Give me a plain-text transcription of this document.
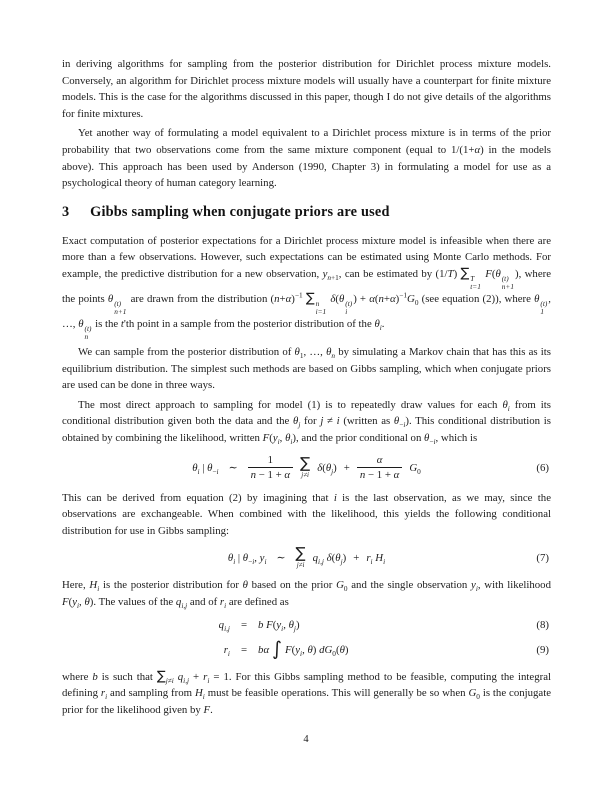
in deriving algorithms for sampling from the posterior distribution for Dirichlet process mixture models. Conversely, an algorithm for Dirichlet process mixture models will usually have a counterpart for finite mixture models. This is the case for the algorithms discussed in this paper, though I do not give details of the algorithms for finite mixtures.

Yet another way of formulating a model equivalent to a Dirichlet process mixture is in terms of the prior probability that two observations come from the same mixture component (equal to 1/(1+α) in the models above). This approach has been used by Anderson (1990, Chapter 3) in formulating a model for use as a psychological theory of human category learning.

3 Gibbs sampling when conjugate priors are used

Exact computation of posterior expectations for a Dirichlet process mixture model is infeasible when there are more than a few observations. However, such expectations can be estimated using Monte Carlo methods. For example, the predictive distribution for a new observation, $y_{n+1}$, can be estimated by (1/T) ∑ T
t=1
F(θ (t)
n+1
), where the points θ (t)
n+1
are drawn from the distribution $(n+\alpha)^{-1}$ ∑ n
i=1
δ(θ (t)
i
) + $\alpha(n+\alpha)^{-1}G_0$ (see equation (2)), where θ (t)
1
, …, θ (t)
n
is the t'th point in a sample from the posterior distribution of the $\theta_i$.

We can sample from the posterior distribution of $\theta_1$, …, $\theta_n$ by simulating a Markov chain that has this as its equilibrium distribution. The simplest such methods are based on Gibbs sampling, which when conjugate priors are used can be done in three ways.

The most direct approach to sampling for model (1) is to repeatedly draw values for each $\theta_i$ from its conditional distribution given both the data and the $\theta_j$ for j ≠ i (written as $\theta_{-i}$). This conditional distribution is obtained by combining the likelihood, written $F(y_i$, $\theta_i$), and the prior conditional on $\theta_{-i}$, which is

$\theta_i$ | $\theta_{-i}$ ∼ $\frac{1}{n - 1 + \alpha}$ ∑
j≠i
$\delta(\theta_j) + \frac{\alpha}{n - 1 + \alpha} G_0$	(6)

This can be derived from equation (2) by imagining that i is the last observation, as we may, since the observations are exchangeable. When combined with the likelihood, this yields the following conditional distribution for use in Gibbs sampling:

$\theta_i$ | $\theta_{-i}$, $y_i$ ∼ ∑
j≠i
$q_{i,j}$ $\delta(\theta_j) + r_i$ $H_i$	(7)

Here, $H_i$ is the posterior distribution for θ based on the prior $G_0$ and the single observation $y_i$, with likelihood $F(y_i$, θ). The values of the $q_{i,j}$ and of $r_i$ are defined as

$q_{i,j} = b$ $F(y_i$, $\theta_j$)	(8)
$r_i = b\alpha$ ∫ $F(y_i$, θ) $dG_0(\theta)$	(9)

where b is such that $\sum_{j\ne i}$ $q_{i,j} + r_i = 1$. For this Gibbs sampling method to be feasible, computing the integral defining $r_i$ and sampling from $H_i$ must be feasible operations. This will generally be so when $G_0$ is the conjugate prior for the likelihood given by F.

4
